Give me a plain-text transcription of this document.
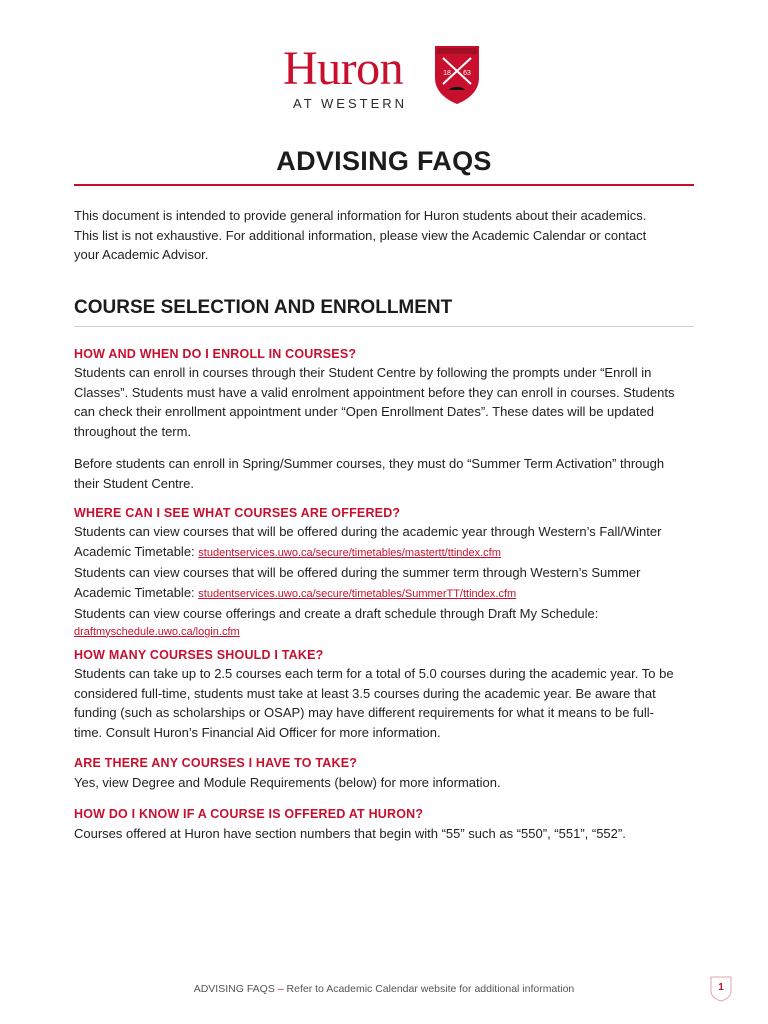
Huron
AT WESTERN
18 63
ADVISING FAQS
This document is intended to provide general information for Huron students about their academics.
This list is not exhaustive. For additional information, please view the Academic Calendar or contact
your Academic Advisor.
COURSE SELECTION AND ENROLLMENT
HOW AND WHEN DO I ENROLL IN COURSES?
Students can enroll in courses through their Student Centre by following the prompts under “Enroll in
Classes”. Students must have a valid enrolment appointment before they can enroll in courses. Students
can check their enrollment appointment under “Open Enrollment Dates”. These dates will be updated
throughout the term.
Before students can enroll in Spring/Summer courses, they must do “Summer Term Activation” through
their Student Centre.
WHERE CAN I SEE WHAT COURSES ARE OFFERED?
Students can view courses that will be offered during the academic year through Western’s Fall/Winter
Academic Timetable: studentservices.uwo.ca/secure/timetables/mastertt/ttindex.cfm
Students can view courses that will be offered during the summer term through Western’s Summer
Academic Timetable: studentservices.uwo.ca/secure/timetables/SummerTT/ttindex.cfm
Students can view course offerings and create a draft schedule through Draft My Schedule:
draftmyschedule.uwo.ca/login.cfm
HOW MANY COURSES SHOULD I TAKE?
Students can take up to 2.5 courses each term for a total of 5.0 courses during the academic year. To be
considered full-time, students must take at least 3.5 courses during the academic year. Be aware that
funding (such as scholarships or OSAP) may have different requirements for what it means to be full-
time. Consult Huron’s Financial Aid Officer for more information.
ARE THERE ANY COURSES I HAVE TO TAKE?
Yes, view Degree and Module Requirements (below) for more information.
HOW DO I KNOW IF A COURSE IS OFFERED AT HURON?
Courses offered at Huron have section numbers that begin with “55” such as “550”, “551”, “552”.
ADVISING FAQS – Refer to Academic Calendar website for additional information	1
